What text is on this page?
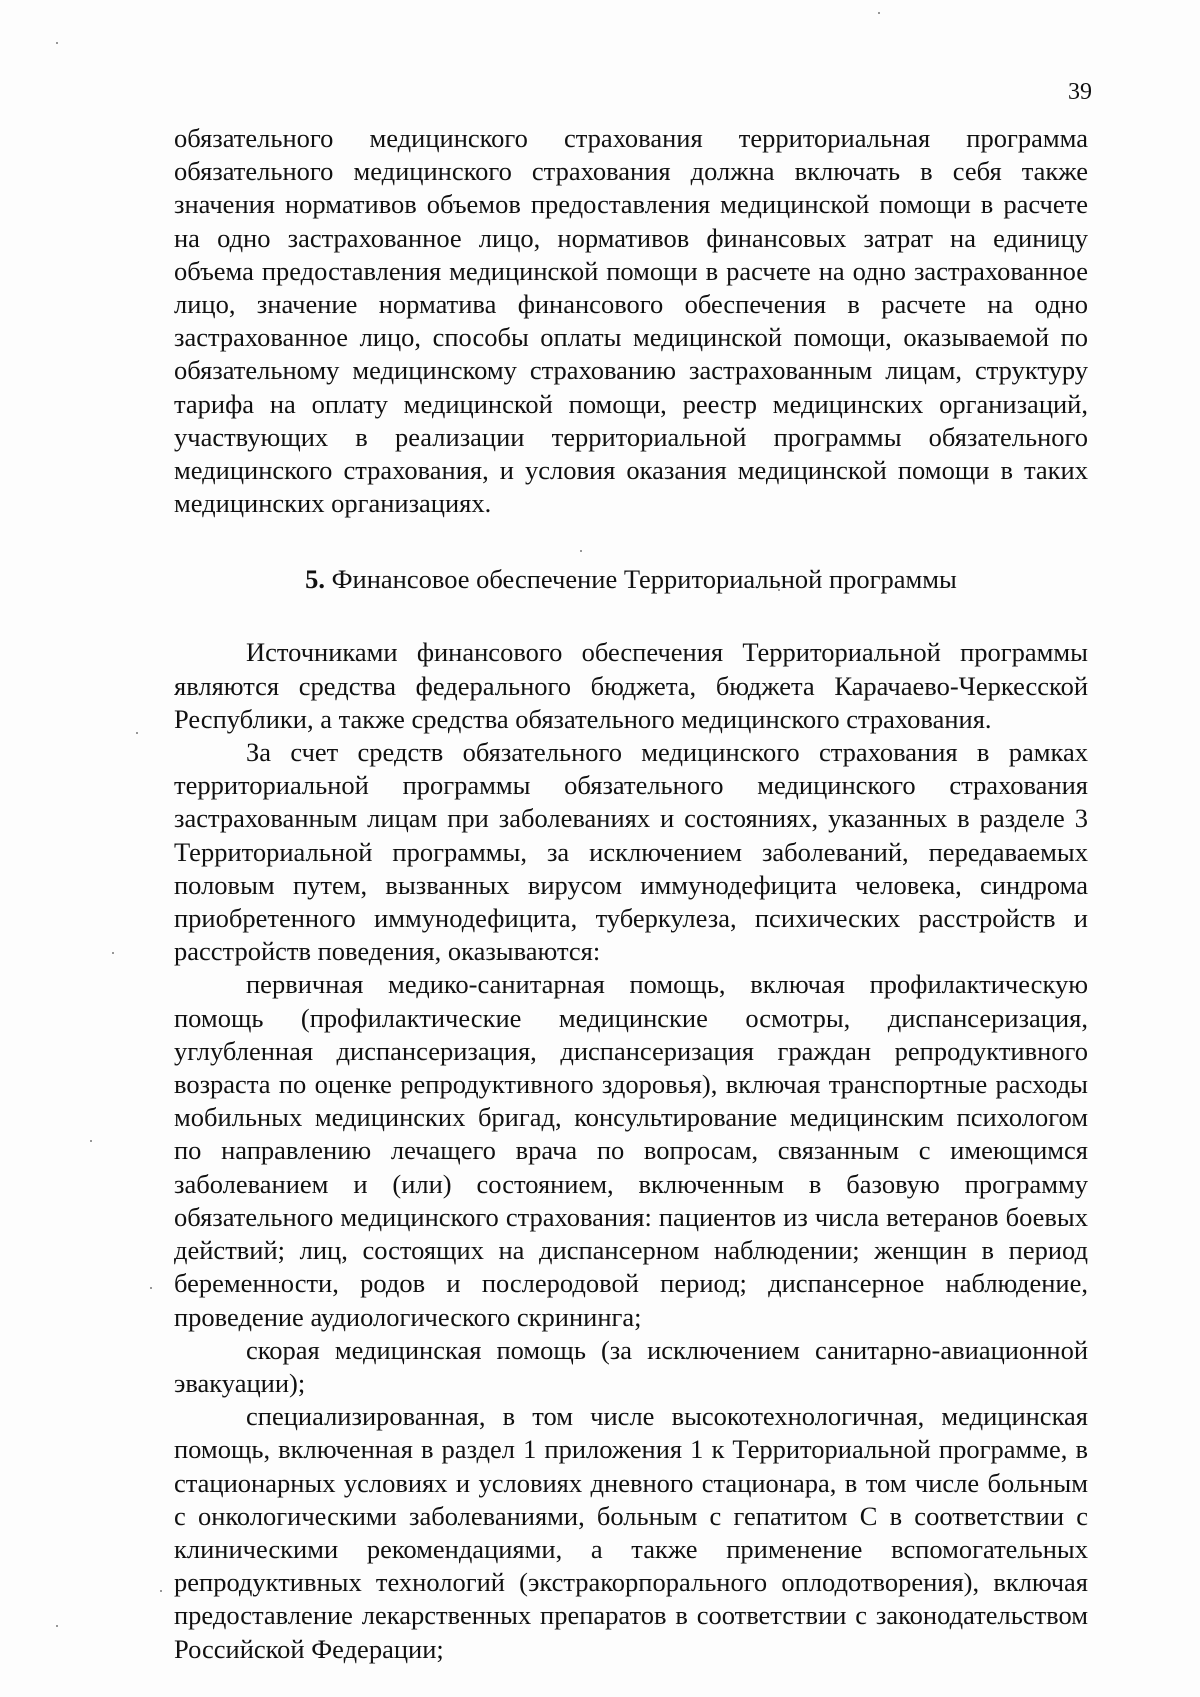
39

обязательного медицинского страхования территориальная программа обязательного медицинского страхования должна включать в себя также значения нормативов объемов предоставления медицинской помощи в расчете на одно застрахованное лицо, нормативов финансовых затрат на единицу объема предоставления медицинской помощи в расчете на одно застрахованное лицо, значение норматива финансового обеспечения в расчете на одно застрахованное лицо, способы оплаты медицинской помощи, оказываемой по обязательному медицинскому страхованию застрахованным лицам, структуру тарифа на оплату медицинской помощи, реестр медицинских организаций, участвующих в реализации территориальной программы обязательного медицинского страхования, и условия оказания медицинской помощи в таких медицинских организациях.

5. Финансовое обеспечение Территориальной программы

Источниками финансового обеспечения Территориальной программы являются средства федерального бюджета, бюджета Карачаево-Черкесской Республики, а также средства обязательного медицинского страхования.

За счет средств обязательного медицинского страхования в рамках территориальной программы обязательного медицинского страхования застрахованным лицам при заболеваниях и состояниях, указанных в разделе 3 Территориальной программы, за исключением заболеваний, передаваемых половым путем, вызванных вирусом иммунодефицита человека, синдрома приобретенного иммунодефицита, туберкулеза, психических расстройств и расстройств поведения, оказываются:

первичная медико-санитарная помощь, включая профилактическую помощь (профилактические медицинские осмотры, диспансеризация, углубленная диспансеризация, диспансеризация граждан репродуктивного возраста по оценке репродуктивного здоровья), включая транспортные расходы мобильных медицинских бригад, консультирование медицинским психологом по направлению лечащего врача по вопросам, связанным с имеющимся заболеванием и (или) состоянием, включенным в базовую программу обязательного медицинского страхования: пациентов из числа ветеранов боевых действий; лиц, состоящих на диспансерном наблюдении; женщин в период беременности, родов и послеродовой период; диспансерное наблюдение, проведение аудиологического скрининга;

скорая медицинская помощь (за исключением санитарно-авиационной эвакуации);

специализированная, в том числе высокотехнологичная, медицинская помощь, включенная в раздел 1 приложения 1 к Территориальной программе, в стационарных условиях и условиях дневного стационара, в том числе больным с онкологическими заболеваниями, больным с гепатитом С в соответствии с клиническими рекомендациями, а также применение вспомогательных репродуктивных технологий (экстракорпорального оплодотворения), включая предоставление лекарственных препаратов в соответствии с законодательством Российской Федерации;
